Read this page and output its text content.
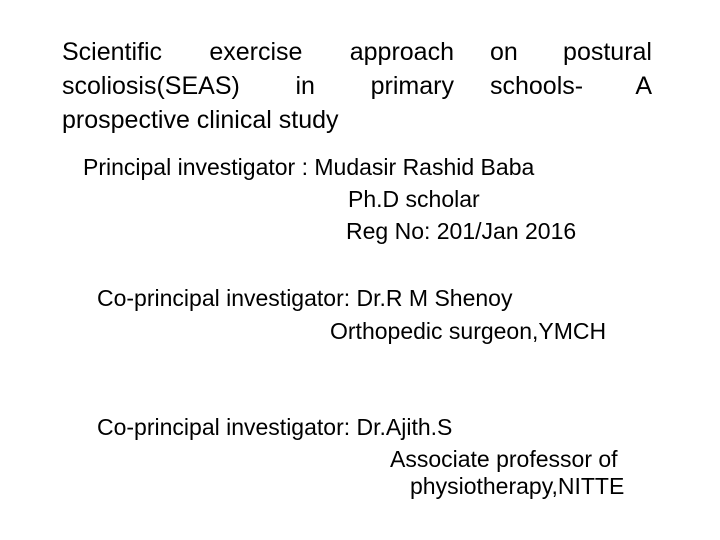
Scientific exercise approach
scoliosis(SEAS) in primary
prospective clinical study
on postural
schools- A
Principal investigator : Mudasir Rashid Baba
Ph.D scholar
Reg No: 201/Jan 2016
Co-principal investigator: Dr.R M Shenoy
Orthopedic surgeon,YMCH
Co-principal investigator: Dr.Ajith.S
Associate professor of
physiotherapy,NITTE
